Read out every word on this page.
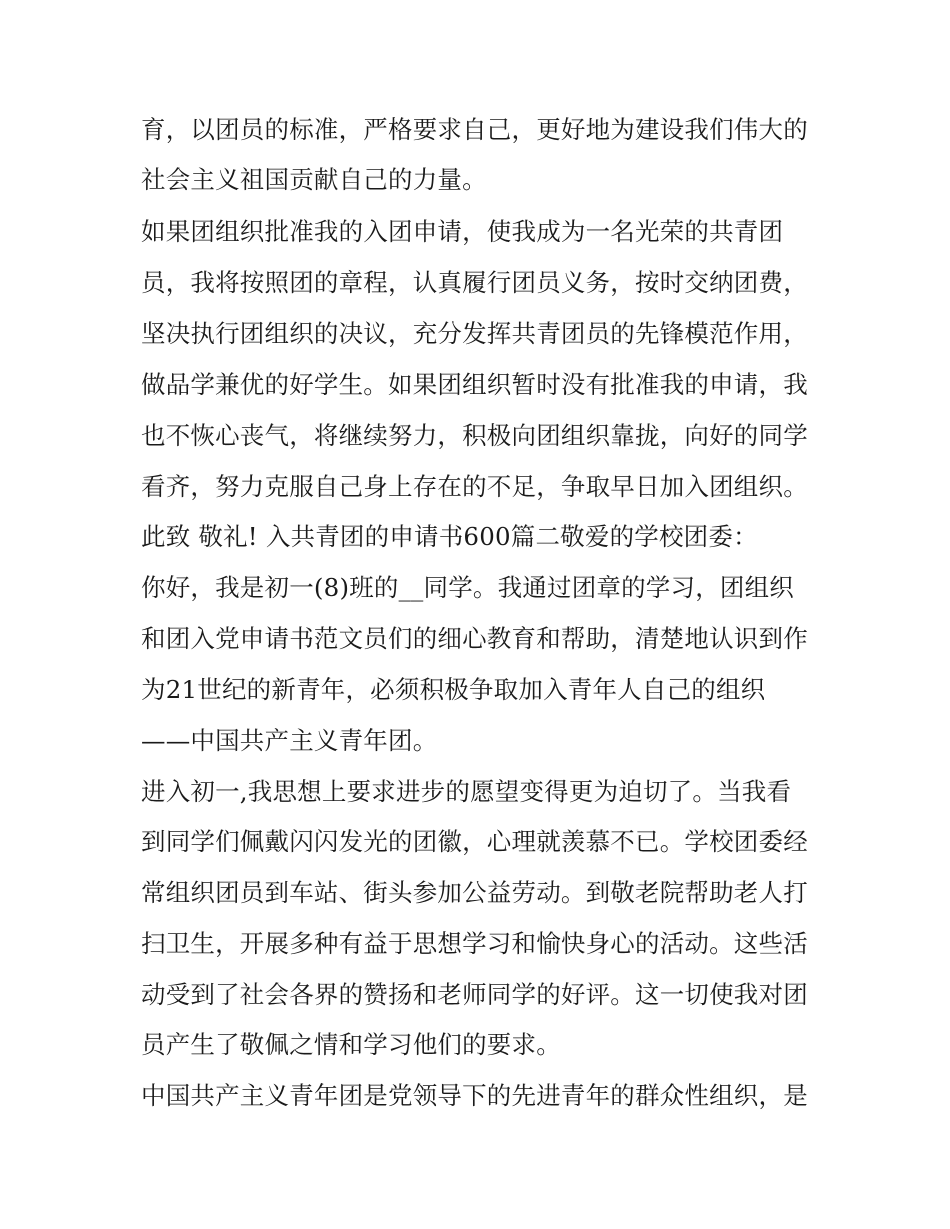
育，以团员的标准，严格要求自己，更好地为建设我们伟大的
社会主义祖国贡献自己的力量。
如果团组织批准我的入团申请，使我成为一名光荣的共青团
员，我将按照团的章程，认真履行团员义务，按时交纳团费，
坚决执行团组织的决议，充分发挥共青团员的先锋模范作用，
做品学兼优的好学生。如果团组织暂时没有批准我的申请，我
也不恢心丧气，将继续努力，积极向团组织靠拢，向好的同学
看齐，努力克服自己身上存在的不足，争取早日加入团组织。
此致 敬礼! 入共青团的申请书600篇二敬爱的学校团委：
你好，我是初一(8)班的__同学。我通过团章的学习，团组织
和团入党申请书范文员们的细心教育和帮助，清楚地认识到作
为21世纪的新青年，必须积极争取加入青年人自己的组织
——中国共产主义青年团。
进入初一,我思想上要求进步的愿望变得更为迫切了。当我看
到同学们佩戴闪闪发光的团徽，心理就羡慕不已。学校团委经
常组织团员到车站、街头参加公益劳动。到敬老院帮助老人打
扫卫生，开展多种有益于思想学习和愉快身心的活动。这些活
动受到了社会各界的赞扬和老师同学的好评。这一切使我对团
员产生了敬佩之情和学习他们的要求。
中国共产主义青年团是党领导下的先进青年的群众性组织，是
